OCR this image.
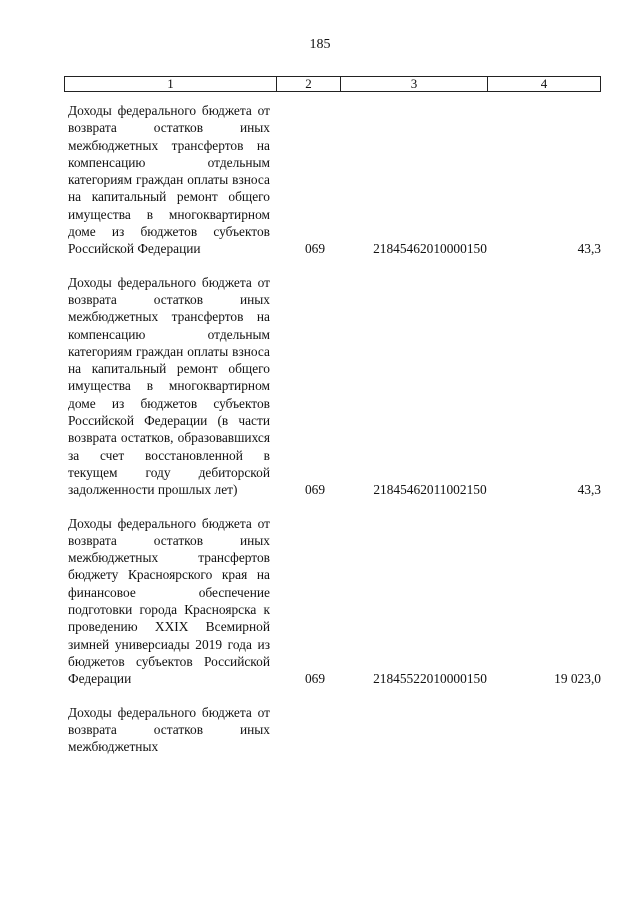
185
1	2	3	4
Доходы федерального бюджета от возврата остатков иных межбюджетных трансфертов на компенсацию отдельным категориям граждан оплаты взноса на капитальный ремонт общего имущества в многоквартирном доме из бюджетов субъектов Российской Федерации	069	21845462010000150	43,3
Доходы федерального бюджета от возврата остатков иных межбюджетных трансфертов на компенсацию отдельным категориям граждан оплаты взноса на капитальный ремонт общего имущества в многоквартирном доме из бюджетов субъектов Российской Федерации (в части возврата остатков, образовавшихся за счет восстановленной в текущем году дебиторской задолженности прошлых лет)	069	21845462011002150	43,3
Доходы федерального бюджета от возврата остатков иных межбюджетных трансфертов бюджету Красноярского края на финансовое обеспечение подготовки города Красноярска к проведению XXIX Всемирной зимней универсиады 2019 года из бюджетов субъектов Российской Федерации	069	21845522010000150	19 023,0
Доходы федерального бюджета от возврата остатков иных межбюджетных
